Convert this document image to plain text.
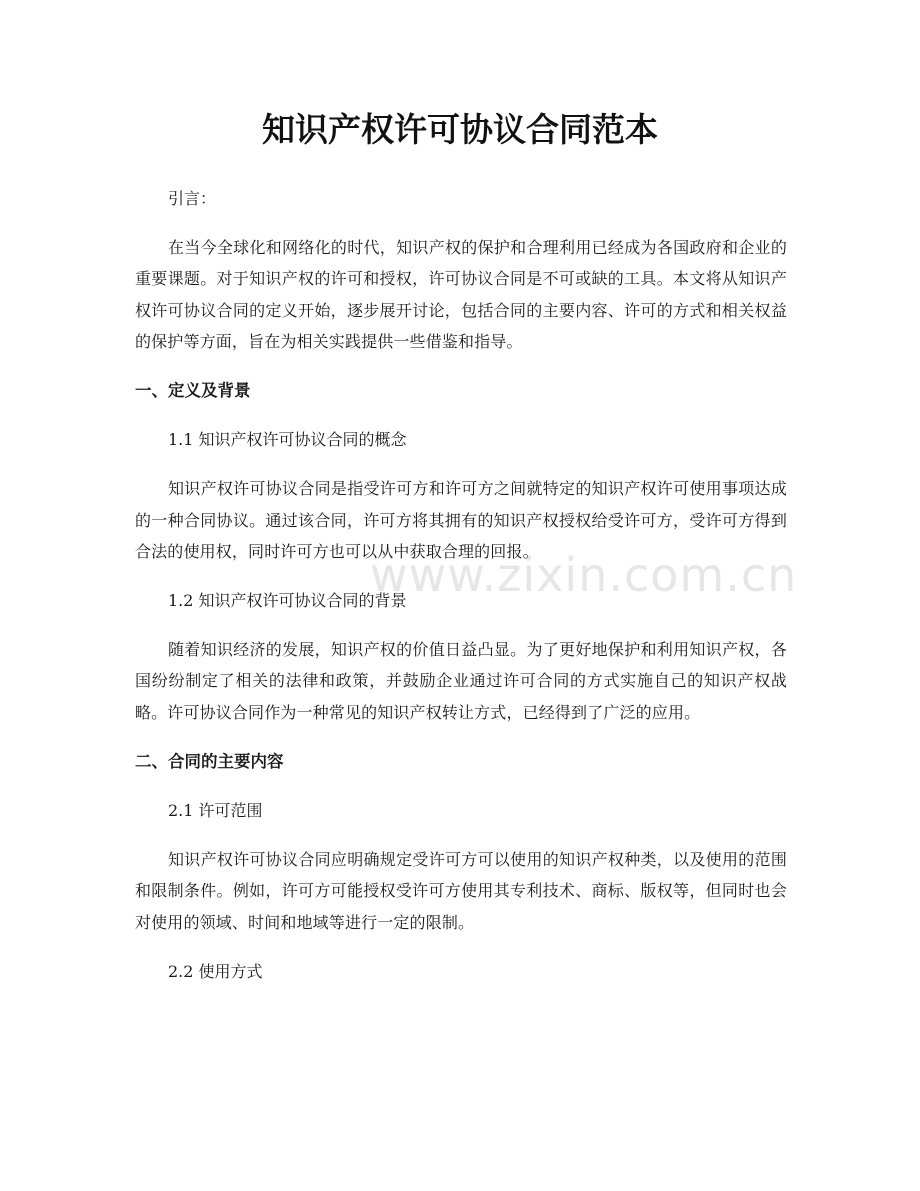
www.zixin.com.cn
知识产权许可协议合同范本

引言：

在当今全球化和网络化的时代，知识产权的保护和合理利用已经成为各国政府和企业的重要课题。对于知识产权的许可和授权，许可协议合同是不可或缺的工具。本文将从知识产权许可协议合同的定义开始，逐步展开讨论，包括合同的主要内容、许可的方式和相关权益的保护等方面，旨在为相关实践提供一些借鉴和指导。

一、定义及背景

1.1 知识产权许可协议合同的概念

知识产权许可协议合同是指受许可方和许可方之间就特定的知识产权许可使用事项达成的一种合同协议。通过该合同，许可方将其拥有的知识产权授权给受许可方，受许可方得到合法的使用权，同时许可方也可以从中获取合理的回报。

1.2 知识产权许可协议合同的背景

随着知识经济的发展，知识产权的价值日益凸显。为了更好地保护和利用知识产权，各国纷纷制定了相关的法律和政策，并鼓励企业通过许可合同的方式实施自己的知识产权战略。许可协议合同作为一种常见的知识产权转让方式，已经得到了广泛的应用。

二、合同的主要内容

2.1 许可范围

知识产权许可协议合同应明确规定受许可方可以使用的知识产权种类，以及使用的范围和限制条件。例如，许可方可能授权受许可方使用其专利技术、商标、版权等，但同时也会对使用的领域、时间和地域等进行一定的限制。

2.2 使用方式
